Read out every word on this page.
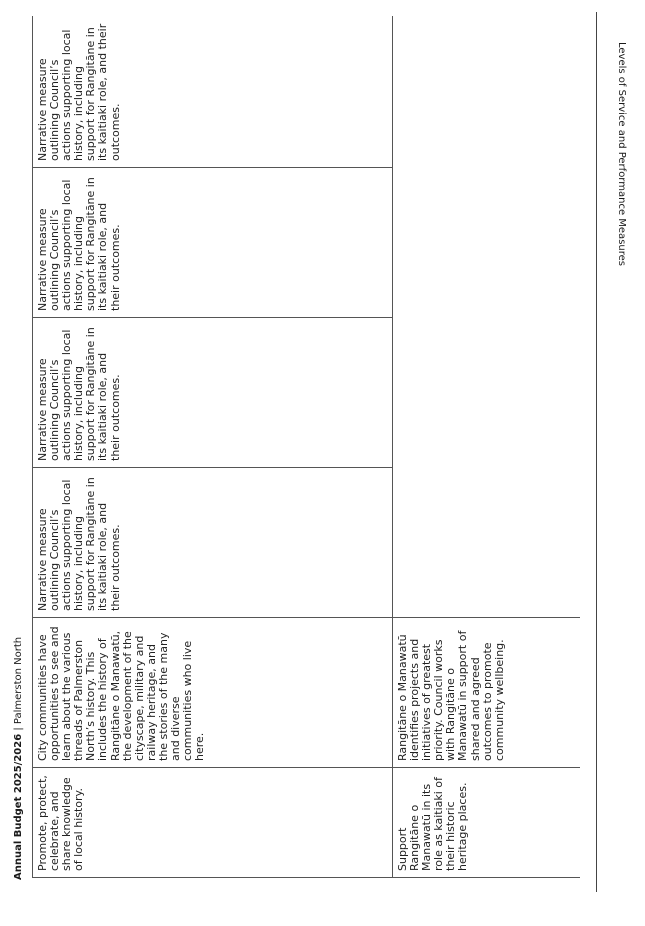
Levels of Service and Performance Measures
Annual Budget 2025/2026 | Palmerston North
Promote, protect, celebrate, and share knowledge of local history.	City communities have opportunities to see and learn about the various threads of Palmerston North’s history. This includes the history of Rangitāne o Manawatū, the development of the cityscape, military and railway heritage, and the stories of the many and diverse communities who live here.	Narrative measure outlining Council’s actions supporting local history, including support for Rangitāne in its kaitiaki role, and their outcomes.	Narrative measure outlining Council’s actions supporting local history, including support for Rangitāne in its kaitiaki role, and their outcomes.	Narrative measure outlining Council’s actions supporting local history, including support for Rangitāne in its kaitiaki role, and their outcomes.	Narrative measure outlining Council’s actions supporting local history, including support for Rangitāne in its kaitiaki role, and their outcomes.
Support Rangitāne o Manawatū in its role as kaitiaki of their historic heritage places.	Rangitāne o Manawatū identifies projects and initiatives of greatest priority. Council works with Rangitāne o Manawatū in support of shared and agreed outcomes to promote community wellbeing.				
